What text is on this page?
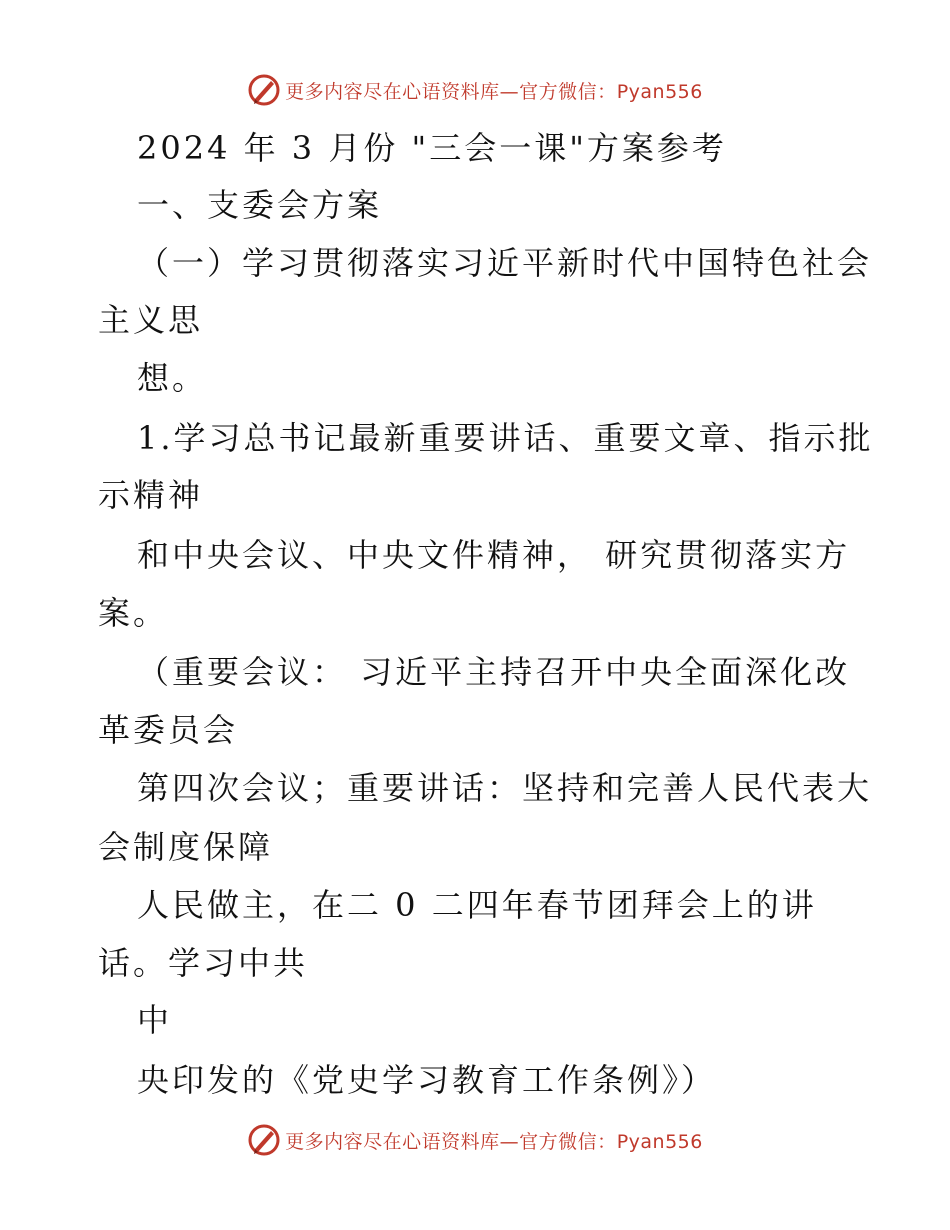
更多内容尽在心语资料库—官方微信：Pyan556
2024 年 3 月份 "三会一课"方案参考
一、支委会方案
（一）学习贯彻落实习近平新时代中国特色社会
主义思
想。
1.学习总书记最新重要讲话、重要文章、指示批
示精神
和中央会议、中央文件精神， 研究贯彻落实方
案。
（重要会议： 习近平主持召开中央全面深化改
革委员会
第四次会议；重要讲话：坚持和完善人民代表大
会制度保障
人民做主，在二 0 二四年春节团拜会上的讲
话。学习中共
中
央印发的《党史学习教育工作条例》）
更多内容尽在心语资料库—官方微信：Pyan556
